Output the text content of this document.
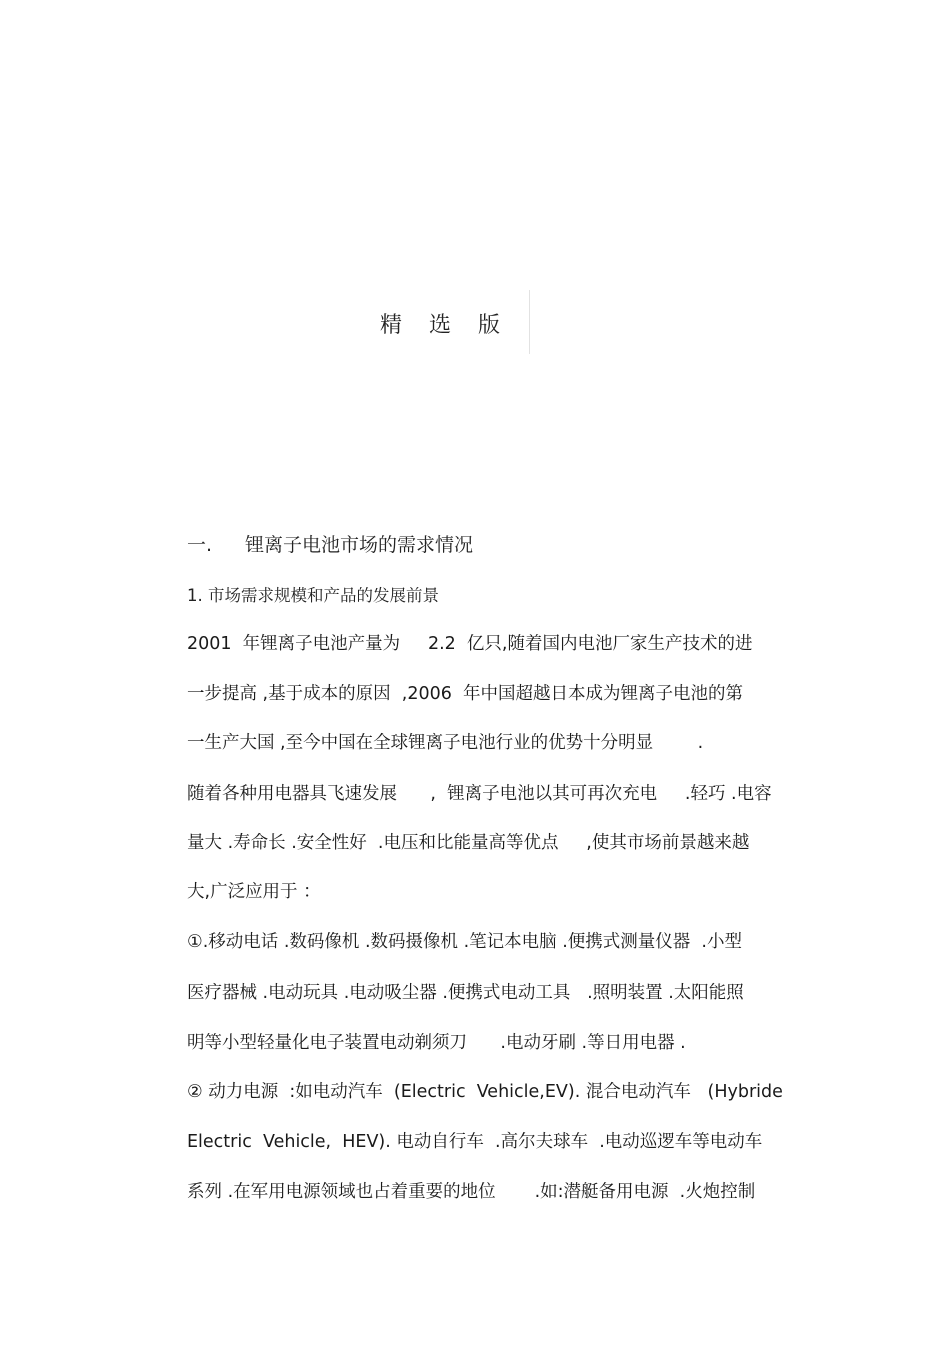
精 选 版
一. 锂离子电池市场的需求情况
1. 市场需求规模和产品的发展前景
2001  年锂离子电池产量为     2.2  亿只,随着国内电池厂家生产技术的进
一步提高 ,基于成本的原因  ,2006  年中国超越日本成为锂离子电池的第
一生产大国 ,至今中国在全球锂离子电池行业的优势十分明显        .
随着各种用电器具飞速发展      ,  锂离子电池以其可再次充电     .轻巧 .电容
量大 .寿命长 .安全性好  .电压和比能量高等优点     ,使其市场前景越来越
大,广泛应用于 ：
①.移动电话 .数码像机 .数码摄像机 .笔记本电脑 .便携式测量仪器  .小型
医疗器械 .电动玩具 .电动吸尘器 .便携式电动工具   .照明装置 .太阳能照
明等小型轻量化电子装置电动剃须刀      .电动牙刷 .等日用电器 .
② 动力电源  :如电动汽车  (Electric  Vehicle,EV). 混合电动汽车   (Hybride
Electric  Vehicle,  HEV). 电动自行车  .高尔夫球车  .电动巡逻车等电动车
系列 .在军用电源领域也占着重要的地位       .如:潜艇备用电源  .火炮控制
